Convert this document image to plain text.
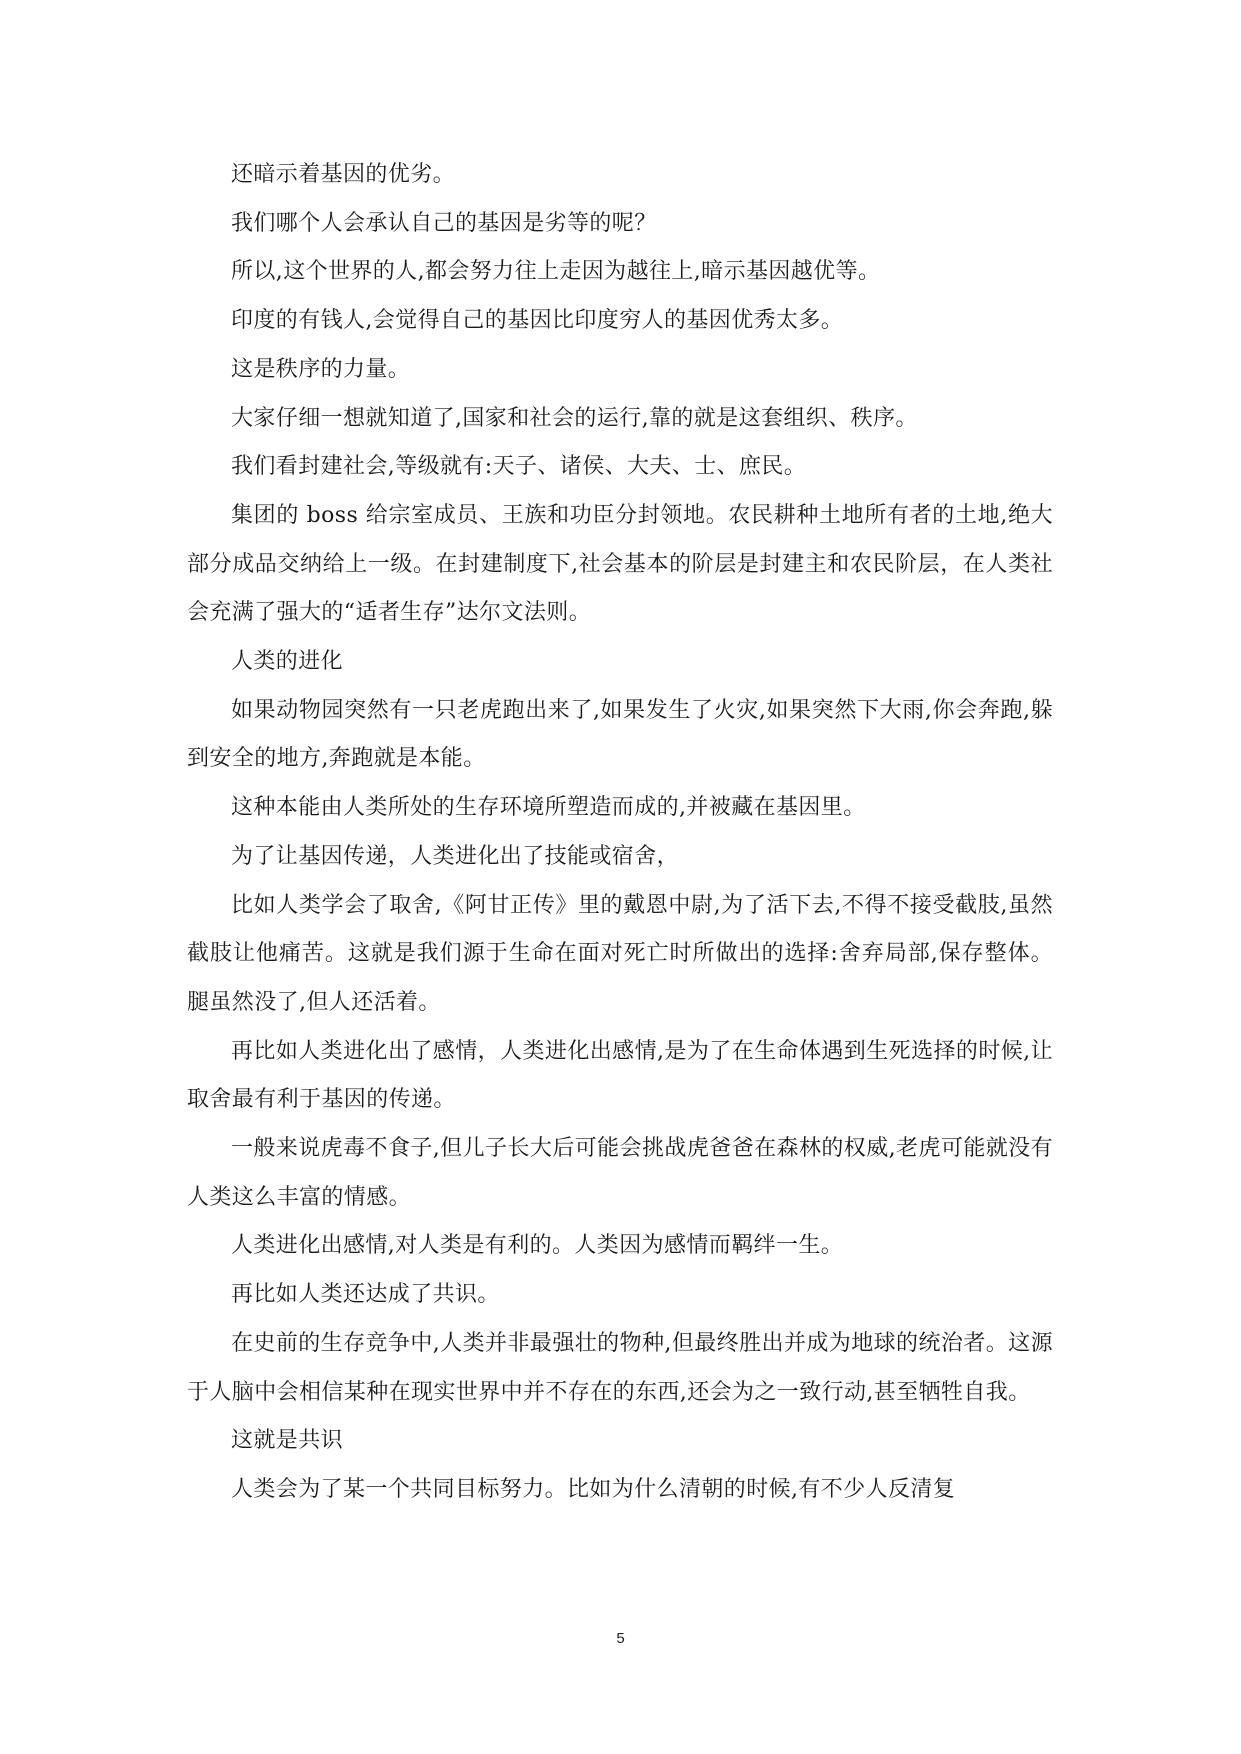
还暗示着基因的优劣。

我们哪个人会承认自己的基因是劣等的呢？

所以,这个世界的人,都会努力往上走因为越往上,暗示基因越优等。

印度的有钱人,会觉得自己的基因比印度穷人的基因优秀太多。

这是秩序的力量。

大家仔细一想就知道了,国家和社会的运行,靠的就是这套组织、秩序。

我们看封建社会,等级就有:天子、诸侯、大夫、士、庶民。

集团的 boss 给宗室成员、王族和功臣分封领地。农民耕种土地所有者的土地,绝大部分成品交纳给上一级。在封建制度下,社会基本的阶层是封建主和农民阶层，在人类社会充满了强大的“适者生存”达尔文法则。

人类的进化

如果动物园突然有一只老虎跑出来了,如果发生了火灾,如果突然下大雨,你会奔跑,躲到安全的地方,奔跑就是本能。

这种本能由人类所处的生存环境所塑造而成的,并被藏在基因里。

为了让基因传递，人类进化出了技能或宿舍，

比如人类学会了取舍,《阿甘正传》里的戴恩中尉,为了活下去,不得不接受截肢,虽然截肢让他痛苦。这就是我们源于生命在面对死亡时所做出的选择:舍弃局部,保存整体。腿虽然没了,但人还活着。

再比如人类进化出了感情，人类进化出感情,是为了在生命体遇到生死选择的时候,让取舍最有利于基因的传递。

一般来说虎毒不食子,但儿子长大后可能会挑战虎爸爸在森林的权威,老虎可能就没有人类这么丰富的情感。

人类进化出感情,对人类是有利的。人类因为感情而羁绊一生。

再比如人类还达成了共识。

在史前的生存竞争中,人类并非最强壮的物种,但最终胜出并成为地球的统治者。这源于人脑中会相信某种在现实世界中并不存在的东西,还会为之一致行动,甚至牺牲自我。

这就是共识

人类会为了某一个共同目标努力。比如为什么清朝的时候,有不少人反清复

5
